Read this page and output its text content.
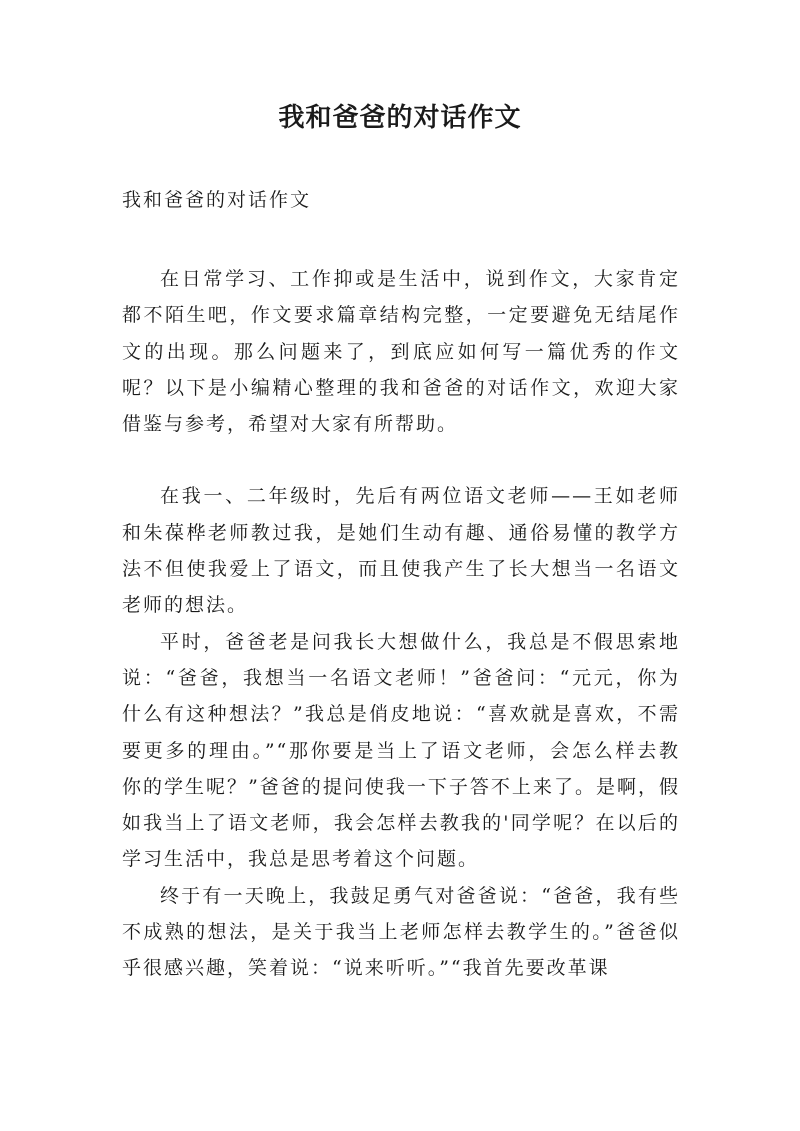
我和爸爸的对话作文

我和爸爸的对话作文

在日常学习、工作抑或是生活中，说到作文，大家肯定都不陌生吧，作文要求篇章结构完整，一定要避免无结尾作文的出现。那么问题来了，到底应如何写一篇优秀的作文呢？以下是小编精心整理的我和爸爸的对话作文，欢迎大家借鉴与参考，希望对大家有所帮助。

在我一、二年级时，先后有两位语文老师——王如老师和朱葆桦老师教过我，是她们生动有趣、通俗易懂的教学方法不但使我爱上了语文，而且使我产生了长大想当一名语文老师的想法。

平时，爸爸老是问我长大想做什么，我总是不假思索地说：“爸爸，我想当一名语文老师！”爸爸问：“元元，你为什么有这种想法？”我总是俏皮地说：“喜欢就是喜欢，不需要更多的理由。”“那你要是当上了语文老师，会怎么样去教你的学生呢？”爸爸的提问使我一下子答不上来了。是啊，假如我当上了语文老师，我会怎样去教我的'同学呢？在以后的学习生活中，我总是思考着这个问题。

终于有一天晚上，我鼓足勇气对爸爸说：“爸爸，我有些不成熟的想法，是关于我当上老师怎样去教学生的。”爸爸似乎很感兴趣，笑着说：“说来听听。”“我首先要改革课
